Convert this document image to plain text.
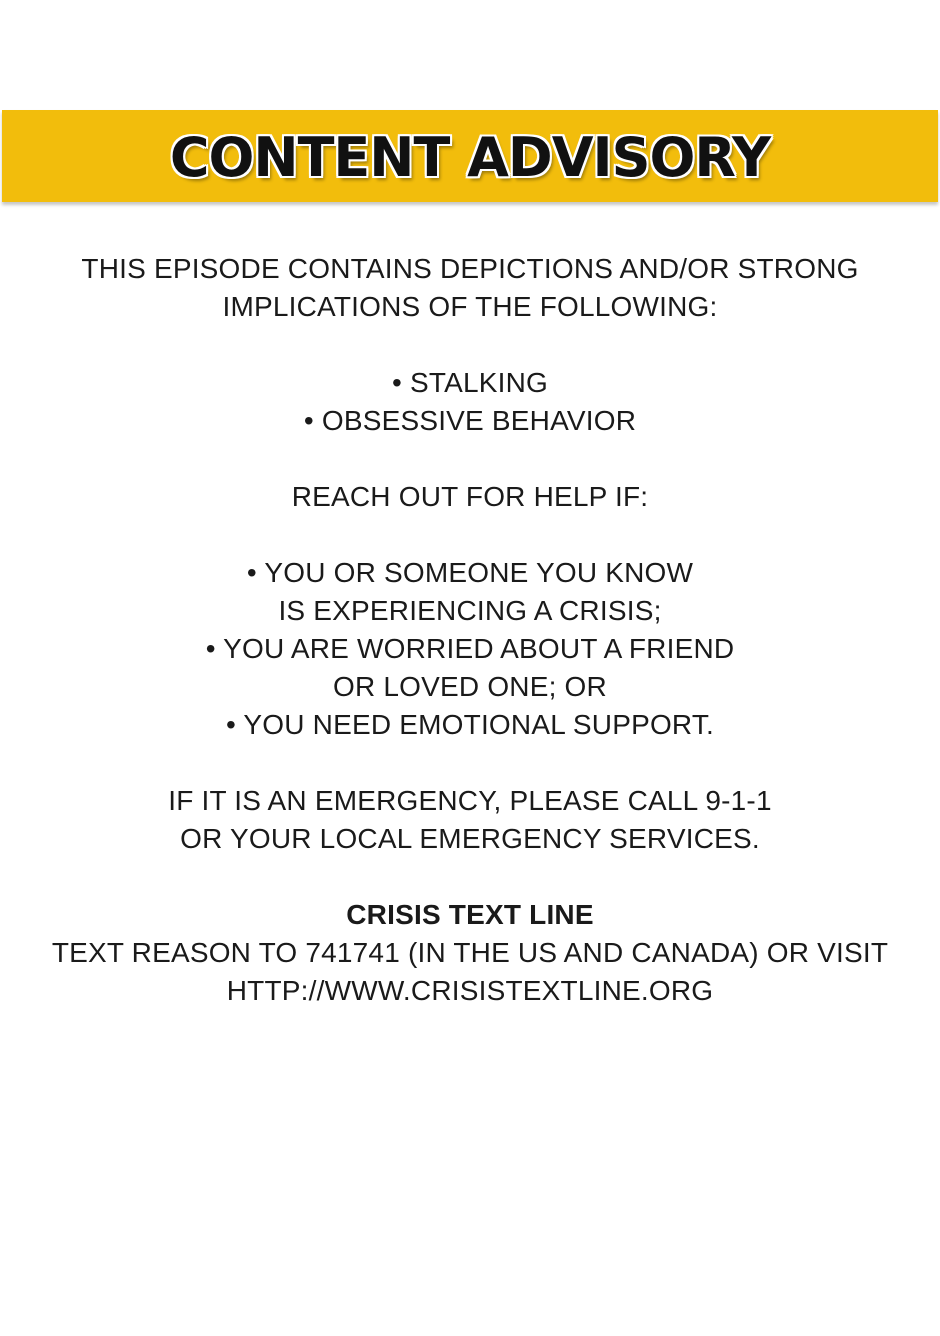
CONTENT ADVISORY
THIS EPISODE CONTAINS DEPICTIONS AND/OR STRONG
IMPLICATIONS OF THE FOLLOWING:
• STALKING
• OBSESSIVE BEHAVIOR
REACH OUT FOR HELP IF:
• YOU OR SOMEONE YOU KNOW
IS EXPERIENCING A CRISIS;
• YOU ARE WORRIED ABOUT A FRIEND
OR LOVED ONE; OR
• YOU NEED EMOTIONAL SUPPORT.
IF IT IS AN EMERGENCY, PLEASE CALL 9-1-1
OR YOUR LOCAL EMERGENCY SERVICES.
CRISIS TEXT LINE
TEXT REASON TO 741741 (IN THE US AND CANADA) OR VISIT
HTTP://WWW.CRISISTEXTLINE.ORG
